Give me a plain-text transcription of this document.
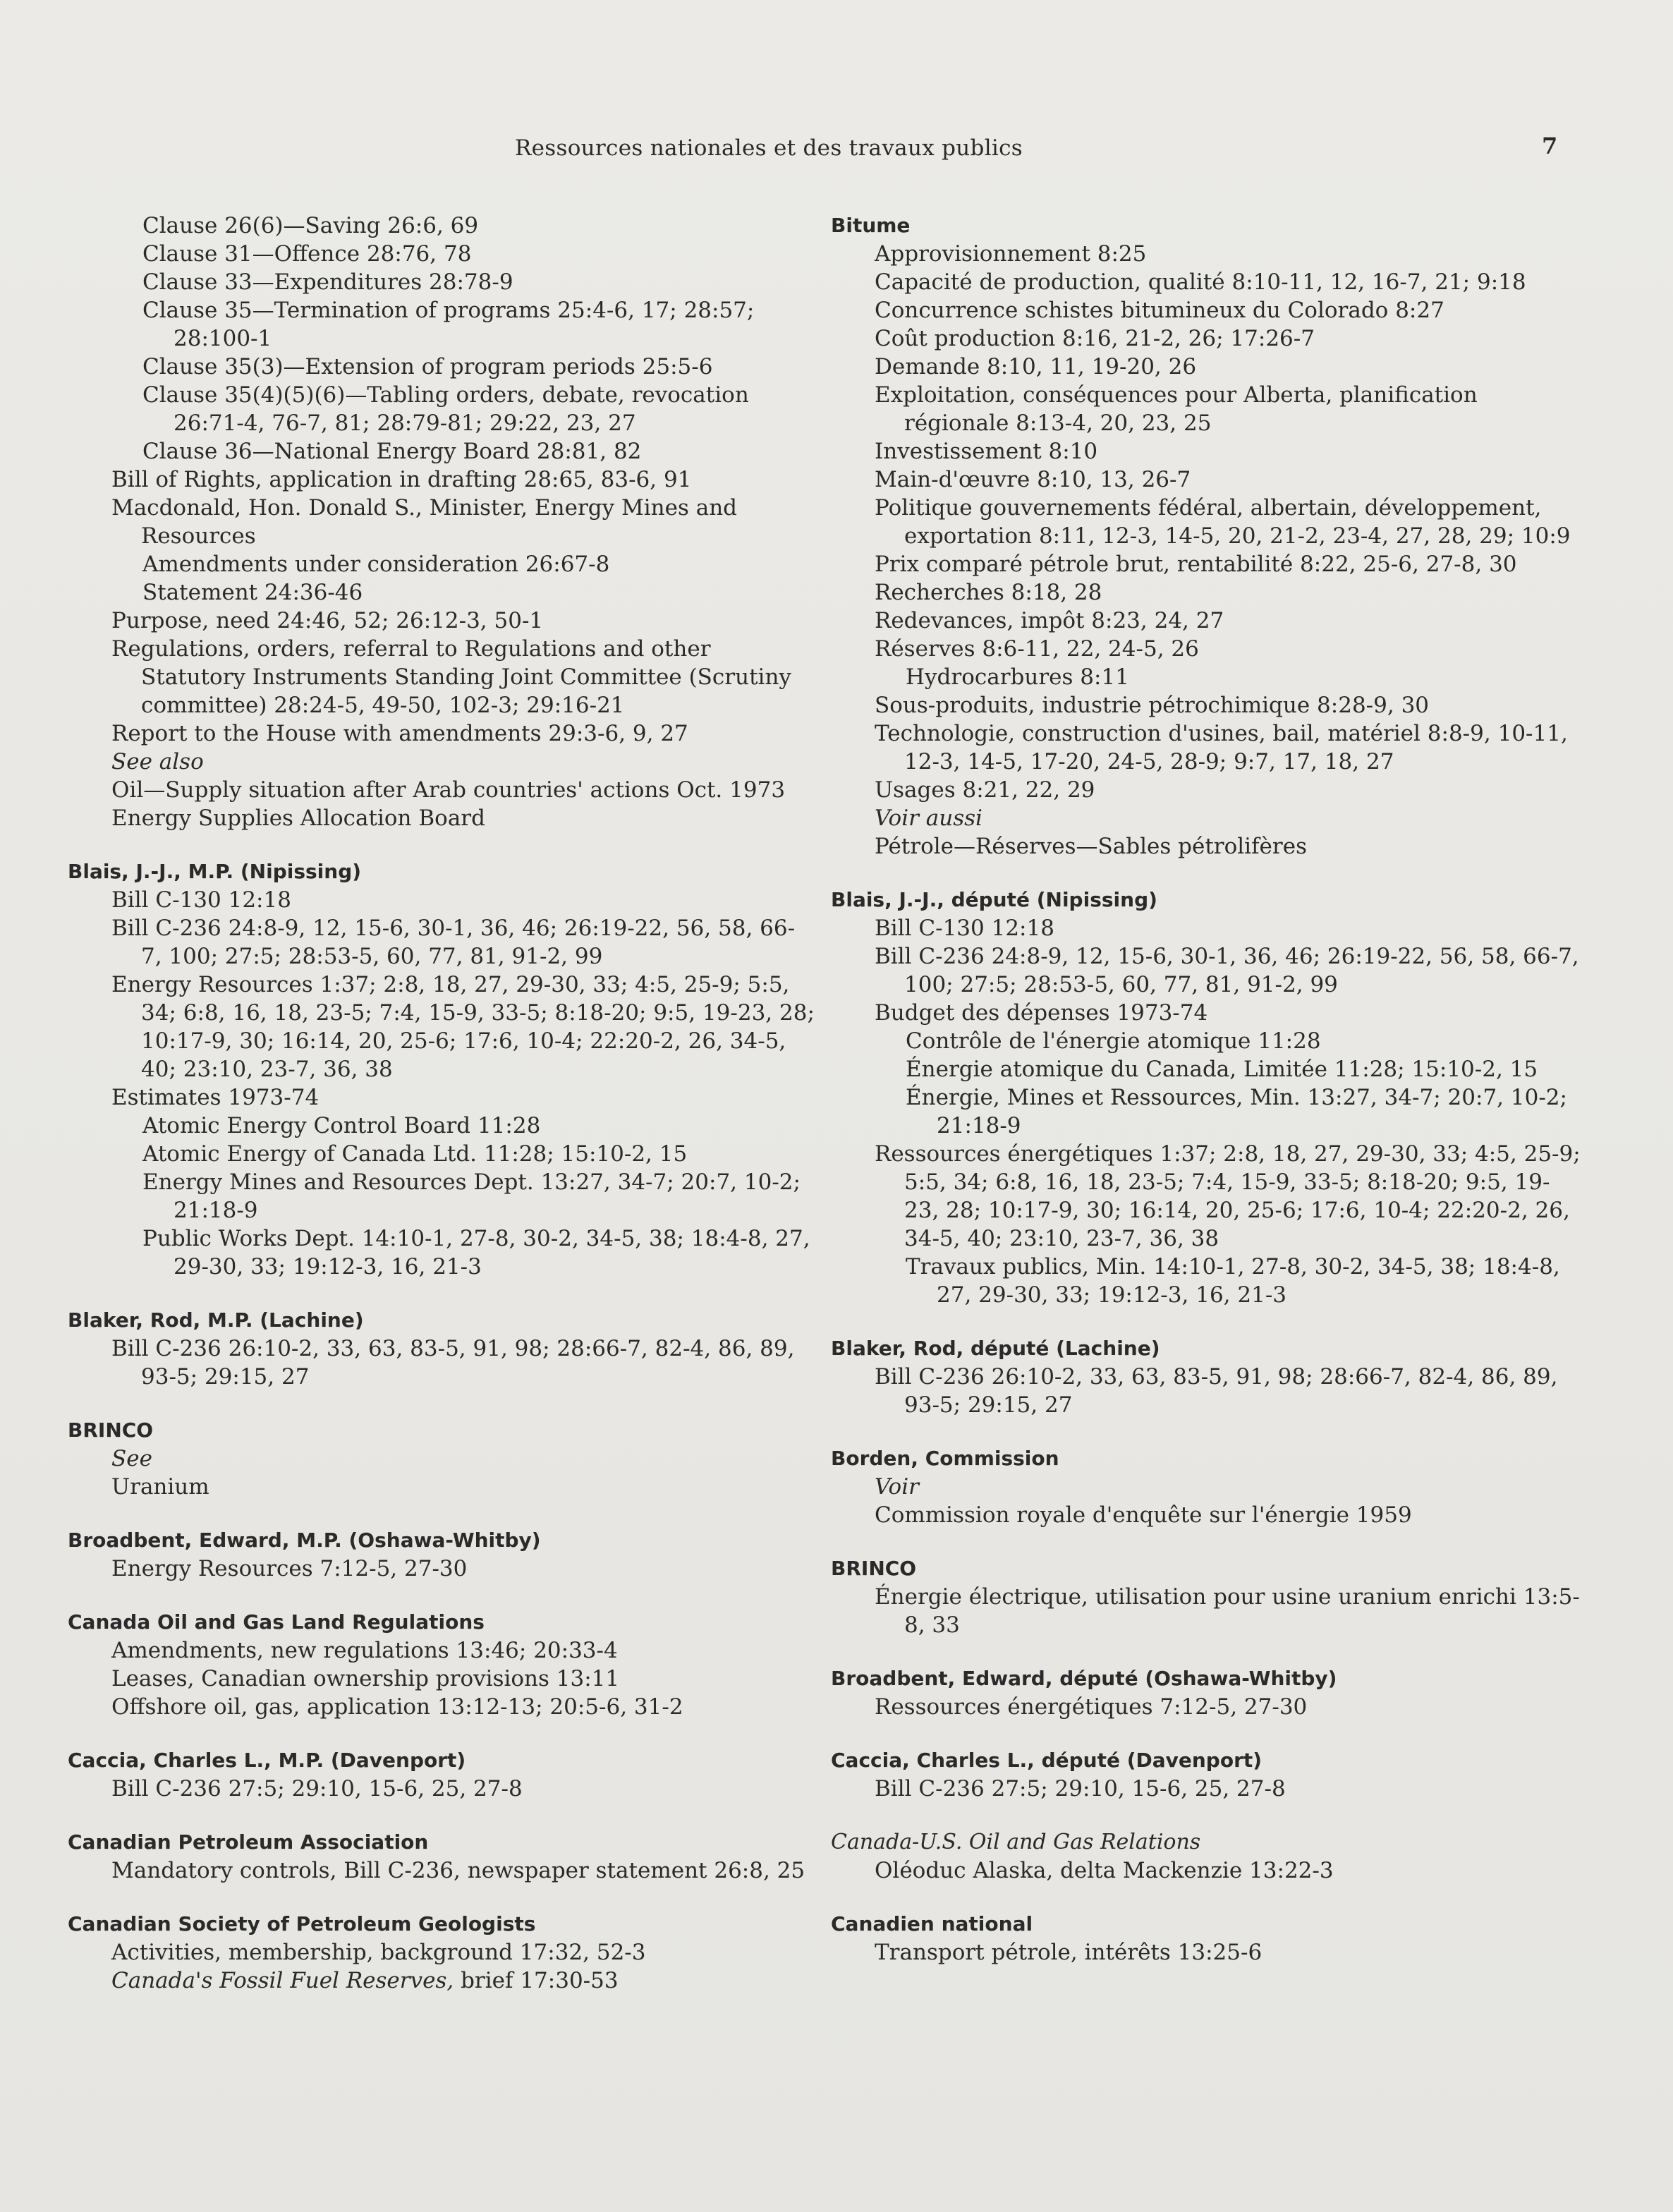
Ressources nationales et des travaux publics	7
Clause 26(6)—Saving 26:6, 69
Clause 31—Offence 28:76, 78
Clause 33—Expenditures 28:78-9
Clause 35—Termination of programs 25:4-6, 17; 28:57; 28:100-1
Clause 35(3)—Extension of program periods 25:5-6
Clause 35(4)(5)(6)—Tabling orders, debate, revocation 26:71-4, 76-7, 81; 28:79-81; 29:22, 23, 27
Clause 36—National Energy Board 28:81, 82
Bill of Rights, application in drafting 28:65, 83-6, 91
Macdonald, Hon. Donald S., Minister, Energy Mines and Resources
Amendments under consideration 26:67-8
Statement 24:36-46
Purpose, need 24:46, 52; 26:12-3, 50-1
Regulations, orders, referral to Regulations and other Statutory Instruments Standing Joint Committee (Scrutiny committee) 28:24-5, 49-50, 102-3; 29:16-21
Report to the House with amendments 29:3-6, 9, 27
See also
Oil—Supply situation after Arab countries' actions Oct. 1973
Energy Supplies Allocation Board
Blais, J.-J., M.P. (Nipissing)
Bill C-130 12:18
Bill C-236 24:8-9, 12, 15-6, 30-1, 36, 46; 26:19-22, 56, 58, 66-7, 100; 27:5; 28:53-5, 60, 77, 81, 91-2, 99
Energy Resources 1:37; 2:8, 18, 27, 29-30, 33; 4:5, 25-9; 5:5, 34; 6:8, 16, 18, 23-5; 7:4, 15-9, 33-5; 8:18-20; 9:5, 19-23, 28; 10:17-9, 30; 16:14, 20, 25-6; 17:6, 10-4; 22:20-2, 26, 34-5, 40; 23:10, 23-7, 36, 38
Estimates 1973-74
Atomic Energy Control Board 11:28
Atomic Energy of Canada Ltd. 11:28; 15:10-2, 15
Energy Mines and Resources Dept. 13:27, 34-7; 20:7, 10-2; 21:18-9
Public Works Dept. 14:10-1, 27-8, 30-2, 34-5, 38; 18:4-8, 27, 29-30, 33; 19:12-3, 16, 21-3
Blaker, Rod, M.P. (Lachine)
Bill C-236 26:10-2, 33, 63, 83-5, 91, 98; 28:66-7, 82-4, 86, 89, 93-5; 29:15, 27
BRINCO
See
Uranium
Broadbent, Edward, M.P. (Oshawa-Whitby)
Energy Resources 7:12-5, 27-30
Canada Oil and Gas Land Regulations
Amendments, new regulations 13:46; 20:33-4
Leases, Canadian ownership provisions 13:11
Offshore oil, gas, application 13:12-13; 20:5-6, 31-2
Caccia, Charles L., M.P. (Davenport)
Bill C-236 27:5; 29:10, 15-6, 25, 27-8
Canadian Petroleum Association
Mandatory controls, Bill C-236, newspaper statement 26:8, 25
Canadian Society of Petroleum Geologists
Activities, membership, background 17:32, 52-3
Canada's Fossil Fuel Reserves, brief 17:30-53
Bitume
Approvisionnement 8:25
Capacité de production, qualité 8:10-11, 12, 16-7, 21; 9:18
Concurrence schistes bitumineux du Colorado 8:27
Coût production 8:16, 21-2, 26; 17:26-7
Demande 8:10, 11, 19-20, 26
Exploitation, conséquences pour Alberta, planification régionale 8:13-4, 20, 23, 25
Investissement 8:10
Main-d'œuvre 8:10, 13, 26-7
Politique gouvernements fédéral, albertain, développement, exportation 8:11, 12-3, 14-5, 20, 21-2, 23-4, 27, 28, 29; 10:9
Prix comparé pétrole brut, rentabilité 8:22, 25-6, 27-8, 30
Recherches 8:18, 28
Redevances, impôt 8:23, 24, 27
Réserves 8:6-11, 22, 24-5, 26
Hydrocarbures 8:11
Sous-produits, industrie pétrochimique 8:28-9, 30
Technologie, construction d'usines, bail, matériel 8:8-9, 10-11, 12-3, 14-5, 17-20, 24-5, 28-9; 9:7, 17, 18, 27
Usages 8:21, 22, 29
Voir aussi
Pétrole—Réserves—Sables pétrolifères
Blais, J.-J., député (Nipissing)
Bill C-130 12:18
Bill C-236 24:8-9, 12, 15-6, 30-1, 36, 46; 26:19-22, 56, 58, 66-7, 100; 27:5; 28:53-5, 60, 77, 81, 91-2, 99
Budget des dépenses 1973-74
Contrôle de l'énergie atomique 11:28
Énergie atomique du Canada, Limitée 11:28; 15:10-2, 15
Énergie, Mines et Ressources, Min. 13:27, 34-7; 20:7, 10-2; 21:18-9
Ressources énergétiques 1:37; 2:8, 18, 27, 29-30, 33; 4:5, 25-9; 5:5, 34; 6:8, 16, 18, 23-5; 7:4, 15-9, 33-5; 8:18-20; 9:5, 19-23, 28; 10:17-9, 30; 16:14, 20, 25-6; 17:6, 10-4; 22:20-2, 26, 34-5, 40; 23:10, 23-7, 36, 38
Travaux publics, Min. 14:10-1, 27-8, 30-2, 34-5, 38; 18:4-8, 27, 29-30, 33; 19:12-3, 16, 21-3
Blaker, Rod, député (Lachine)
Bill C-236 26:10-2, 33, 63, 83-5, 91, 98; 28:66-7, 82-4, 86, 89, 93-5; 29:15, 27
Borden, Commission
Voir
Commission royale d'enquête sur l'énergie 1959
BRINCO
Énergie électrique, utilisation pour usine uranium enrichi 13:5-8, 33
Broadbent, Edward, député (Oshawa-Whitby)
Ressources énergétiques 7:12-5, 27-30
Caccia, Charles L., député (Davenport)
Bill C-236 27:5; 29:10, 15-6, 25, 27-8
Canada-U.S. Oil and Gas Relations
Oléoduc Alaska, delta Mackenzie 13:22-3
Canadien national
Transport pétrole, intérêts 13:25-6
